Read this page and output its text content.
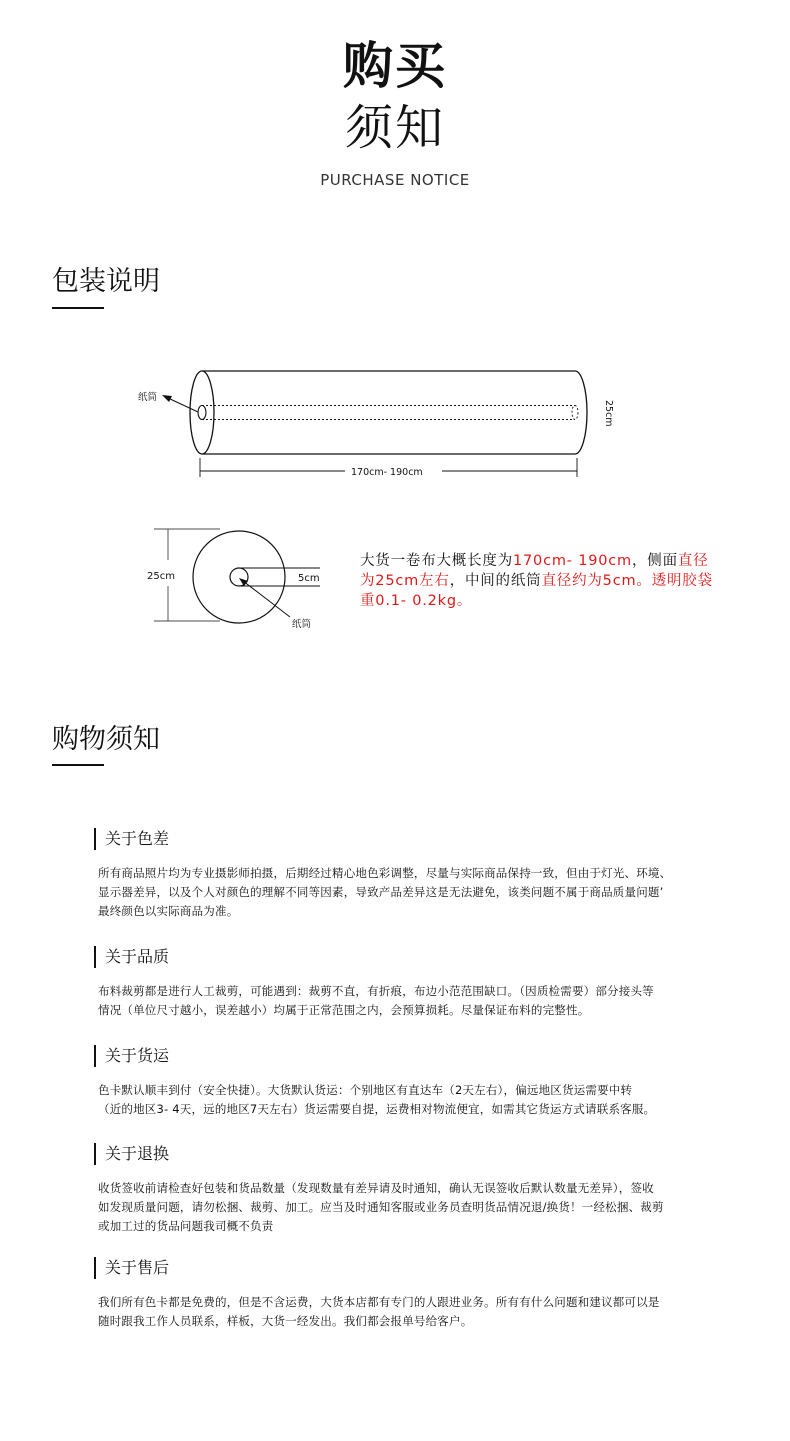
购买
须知
PURCHASE NOTICE
包装说明
纸筒
170cm- 190cm
25cm
25cm	5cm
纸筒
大货一卷布大概长度为170cm- 190cm，侧面直径为25cm左右，中间的纸筒直径约为5cm。透明胶袋重0.1- 0.2kg。
购物须知
关于色差
所有商品照片均为专业摄影师拍摄，后期经过精心地色彩调整，尽量与实际商品保持一致，但由于灯光、环境、
显示器差异，以及个人对颜色的理解不同等因素，导致产品差异这是无法避免，该类问题不属于商品质量问题’
最终颜色以实际商品为准。
关于品质
布料裁剪都是进行人工裁剪，可能遇到：裁剪不直，有折痕，布边小范范围缺口。（因质检需要）部分接头等
情况（单位尺寸越小，误差越小）均属于正常范围之内，会预算损耗。尽量保证布料的完整性。
关于货运
色卡默认顺丰到付（安全快捷）。大货默认货运：个别地区有直达车（2天左右），偏远地区货运需要中转
（近的地区3- 4天，远的地区7天左右）货运需要自提，运费相对物流便宜，如需其它货运方式请联系客服。
关于退换
收货签收前请检查好包装和货品数量（发现数量有差异请及时通知，确认无误签收后默认数量无差异），签收
如发现质量问题，请勿松捆、裁剪、加工。应当及时通知客服或业务员查明货品情况退/换货！一经松捆、裁剪
或加工过的货品问题我司概不负责
关于售后
我们所有色卡都是免费的，但是不含运费，大货本店都有专门的人跟进业务。所有有什么问题和建议都可以是
随时跟我工作人员联系，样板，大货一经发出。我们都会报单号给客户。
